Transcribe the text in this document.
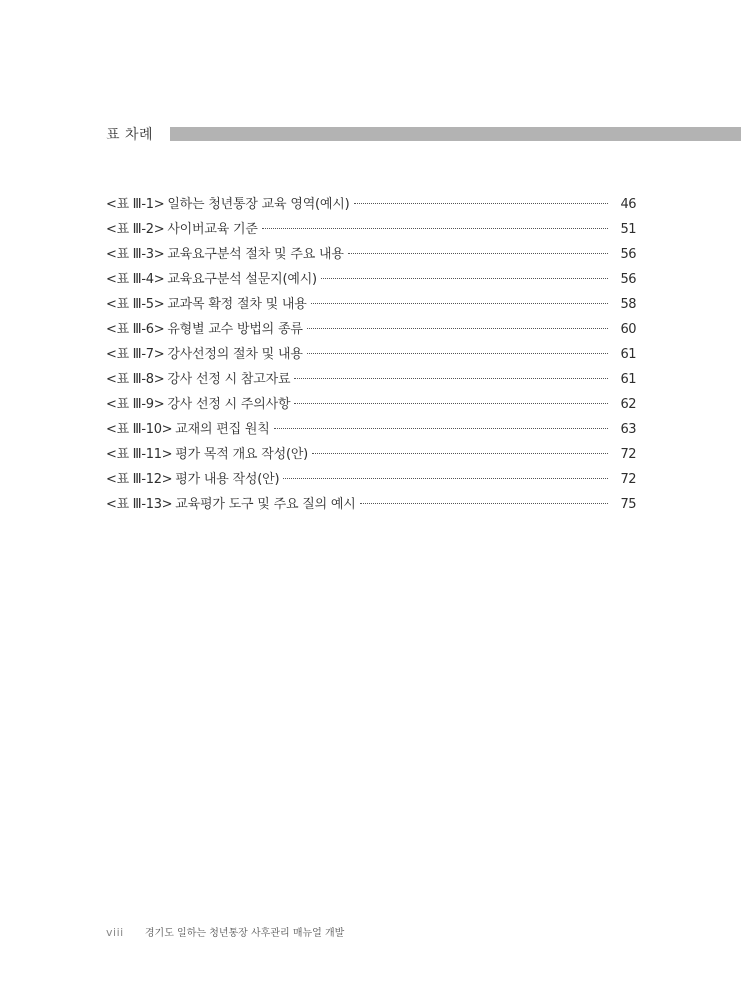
표 차례
<표 Ⅲ-1> 일하는 청년통장 교육 영역(예시)	46
<표 Ⅲ-2> 사이버교육 기준	51
<표 Ⅲ-3> 교육요구분석 절차 및 주요 내용	56
<표 Ⅲ-4> 교육요구분석 설문지(예시)	56
<표 Ⅲ-5> 교과목 확정 절차 및 내용	58
<표 Ⅲ-6> 유형별 교수 방법의 종류	60
<표 Ⅲ-7> 강사선정의 절차 및 내용	61
<표 Ⅲ-8> 강사 선정 시 참고자료	61
<표 Ⅲ-9> 강사 선정 시 주의사항	62
<표 Ⅲ-10> 교재의 편집 원칙	63
<표 Ⅲ-11> 평가 목적 개요 작성(안)	72
<표 Ⅲ-12> 평가 내용 작성(안)	72
<표 Ⅲ-13> 교육평가 도구 및 주요 질의 예시	75
viii 경기도 일하는 청년통장 사후관리 매뉴얼 개발
